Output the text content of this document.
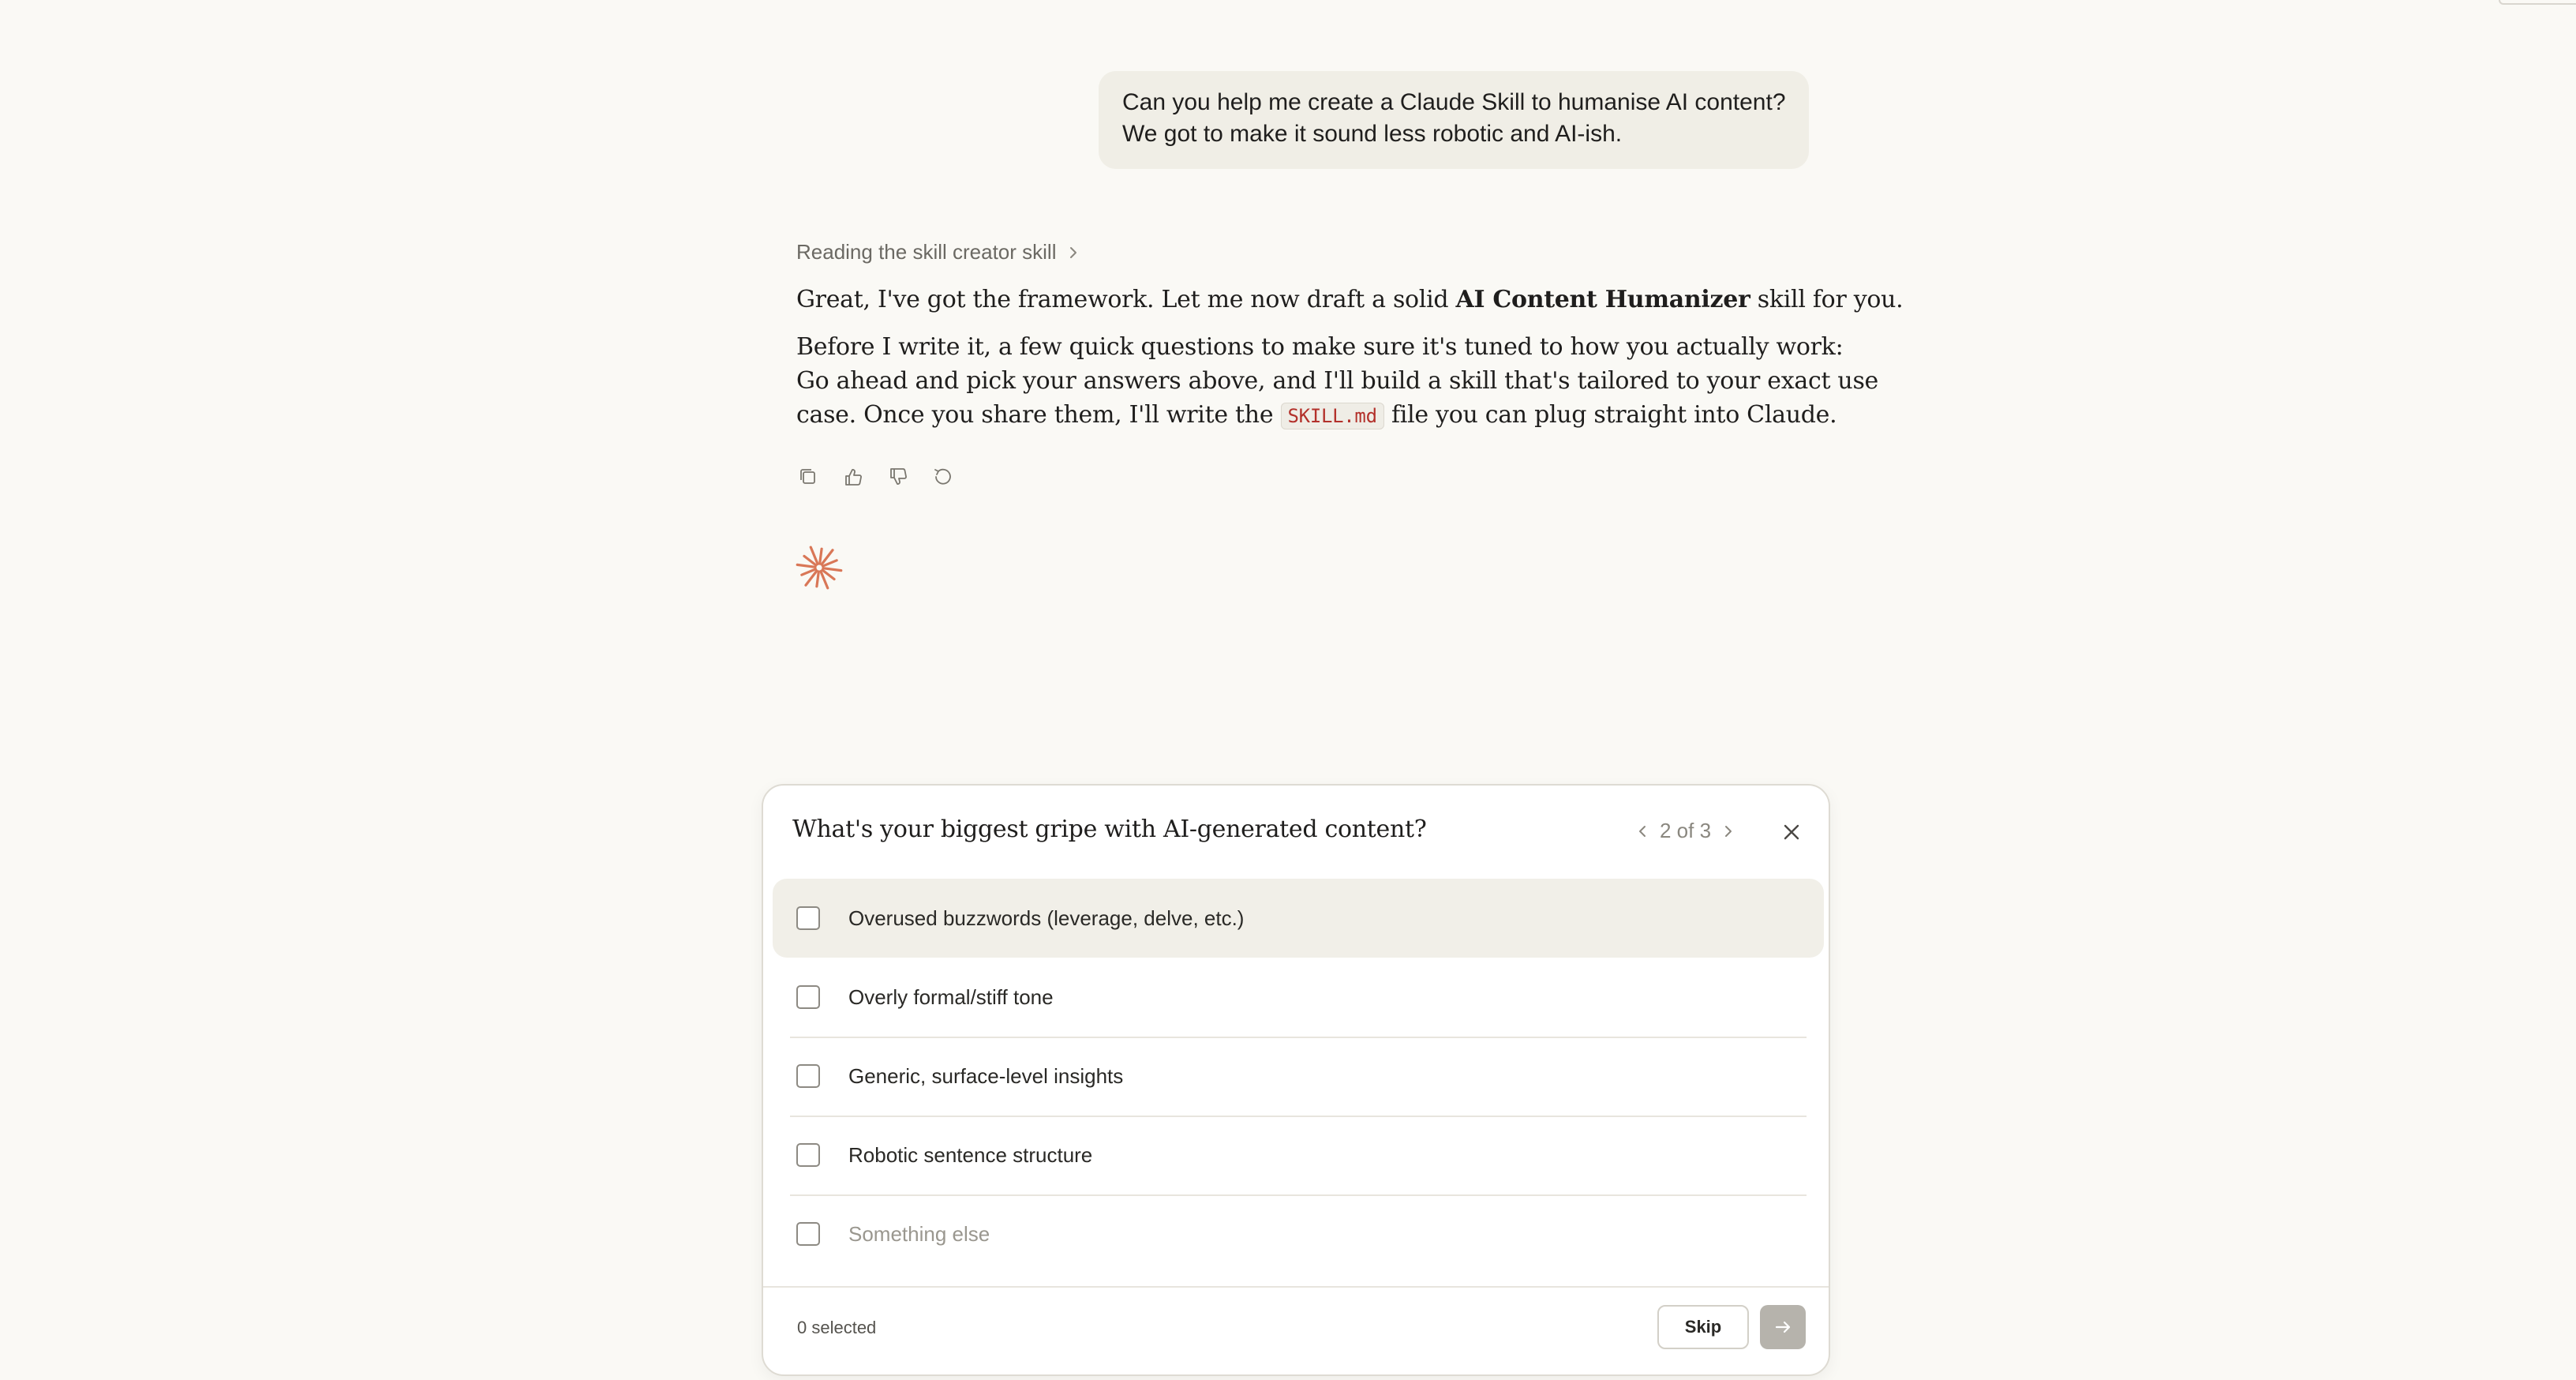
Can you help me create a Claude Skill to humanise AI content?
We got to make it sound less robotic and AI-ish.
Reading the skill creator skill

Great, I've got the framework. Let me now draft a solid AI Content Humanizer skill for you.

Before I write it, a few quick questions to make sure it's tuned to how you actually work:
Go ahead and pick your answers above, and I'll build a skill that's tailored to your exact use
case. Once you share them, I'll write the SKILL.md file you can plug straight into Claude.

What's your biggest gripe with AI-generated content?	2 of 3
Overused buzzwords (leverage, delve, etc.)
Overly formal/stiff tone
Generic, surface-level insights
Robotic sentence structure
Something else
0 selected	Skip
